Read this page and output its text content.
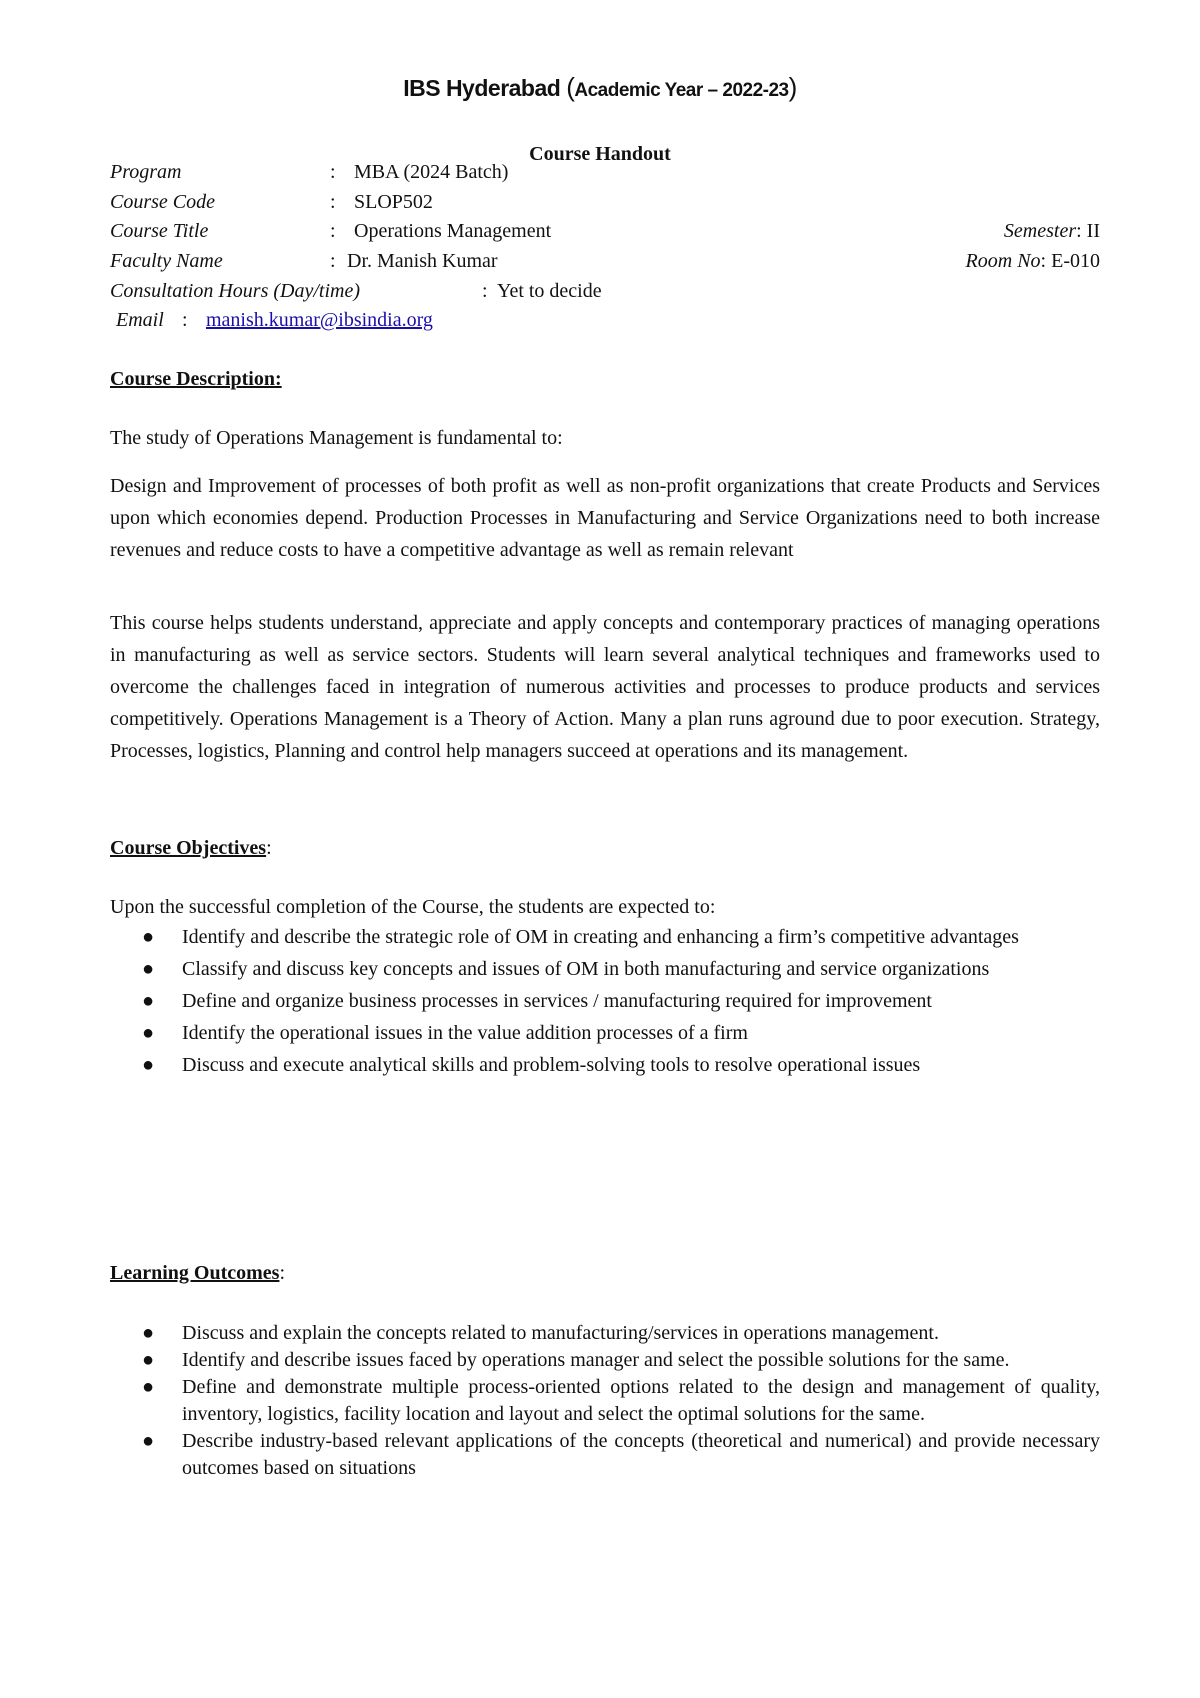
IBS Hyderabad (Academic Year – 2022-23)
Course Handout
Program	: MBA (2024 Batch)
Course Code	: SLOP502
Course Title	: Operations Management	Semester: II
Faculty Name	: Dr. Manish Kumar	Room No: E-010
Consultation Hours (Day/time)	: Yet to decide
Email : manish.kumar@ibsindia.org
Course Description:
The study of Operations Management is fundamental to:
Design and Improvement of processes of both profit as well as non-profit organizations that create Products and Services upon which economies depend. Production Processes in Manufacturing and Service Organizations need to both increase revenues and reduce costs to have a competitive advantage as well as remain relevant
This course helps students understand, appreciate and apply concepts and contemporary practices of managing operations in manufacturing as well as service sectors. Students will learn several analytical techniques and frameworks used to overcome the challenges faced in integration of numerous activities and processes to produce products and services competitively. Operations Management is a Theory of Action. Many a plan runs aground due to poor execution. Strategy, Processes, logistics, Planning and control help managers succeed at operations and its management.
Course Objectives:
Upon the successful completion of the Course, the students are expected to:
● Identify and describe the strategic role of OM in creating and enhancing a firm’s competitive advantages
● Classify and discuss key concepts and issues of OM in both manufacturing and service organizations
● Define and organize business processes in services / manufacturing required for improvement
● Identify the operational issues in the value addition processes of a firm
● Discuss and execute analytical skills and problem-solving tools to resolve operational issues
Learning Outcomes:
● Discuss and explain the concepts related to manufacturing/services in operations management.
● Identify and describe issues faced by operations manager and select the possible solutions for the same.
● Define and demonstrate multiple process-oriented options related to the design and management of quality, inventory, logistics, facility location and layout and select the optimal solutions for the same.
● Describe industry-based relevant applications of the concepts (theoretical and numerical) and provide necessary outcomes based on situations
